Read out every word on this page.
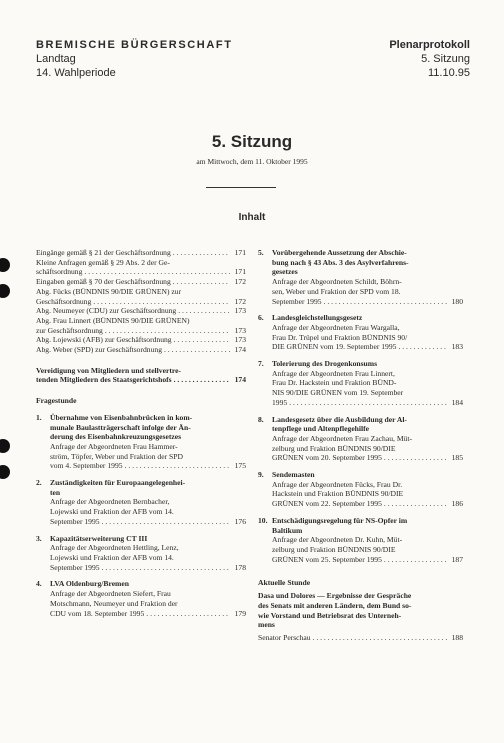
BREMISCHE BÜRGERSCHAFT
Landtag
14. Wahlperiode
Plenarprotokoll
5. Sitzung
11.10.95
5. Sitzung
am Mittwoch, dem 11. Oktober 1995
Inhalt
Eingänge gemäß § 21 der Geschäftsordnung . . .	171
Kleine Anfragen gemäß § 29 Abs. 2 der Ge-
schäftsordnung . . .	171
Eingaben gemäß § 70 der Geschäftsordnung . . .	172
Abg. Fücks (BÜNDNIS 90/DIE GRÜNEN) zur
Geschäftsordnung . . .	172
Abg. Neumeyer (CDU) zur Geschäftsordnung . . .	173
Abg. Frau Linnert (BÜNDNIS 90/DIE GRÜNEN)
zur Geschäftsordnung . . .	173
Abg. Lojewski (AFB) zur Geschäftsordnung . . .	173
Abg. Weber (SPD) zur Geschäftsordnung . . .	174
Vereidigung von Mitgliedern und stellvertre-
tenden Mitgliedern des Staatsgerichtshofs . . .	174
Fragestunde
1.	Übernahme von Eisenbahnbrücken in kom-
munale Baulastträgerschaft infolge der Än-
derung des Eisenbahnkreuzungsgesetzes
Anfrage der Abgeordneten Frau Hammer-
ström, Töpfer, Weber und Fraktion der SPD
vom 4. September 1995 . . .	175
2.	Zuständigkeiten für Europaangelegenhei-
ten
Anfrage der Abgeordneten Bernbacher,
Lojewski und Fraktion der AFB vom 14.
September 1995 . . .	176
3.	Kapazitätserweiterung CT III
Anfrage der Abgeordneten Hettling, Lenz,
Lojewski und Fraktion der AFB vom 14.
September 1995 . . .	178
4.	LVA Oldenburg/Bremen
Anfrage der Abgeordneten Siefert, Frau
Motschmann, Neumeyer und Fraktion der
CDU vom 18. September 1995 . . .	179
5.	Vorübergehende Aussetzung der Abschie-
bung nach § 43 Abs. 3 des Asylverfahrens-
gesetzes
Anfrage der Abgeordneten Schildt, Böhrn-
sen, Weber und Fraktion der SPD vom 18.
September 1995 . . .	180
6.	Landesgleichstellungsgesetz
Anfrage der Abgeordneten Frau Wargalla,
Frau Dr. Trüpel und Fraktion BÜNDNIS 90/
DIE GRÜNEN vom 19. September 1995 . . .	183
7.	Tolerierung des Drogenkonsums
Anfrage der Abgeordneten Frau Linnert,
Frau Dr. Hackstein und Fraktion BÜND-
NIS 90/DIE GRÜNEN vom 19. September
1995 . . .	184
8.	Landesgesetz über die Ausbildung der Al-
tenpflege und Altenpflegehilfe
Anfrage der Abgeordneten Frau Zachau, Müt-
zelburg und Fraktion BÜNDNIS 90/DIE
GRÜNEN vom 20. September 1995 . . .	185
9.	Sendemasten
Anfrage der Abgeordneten Fücks, Frau Dr.
Hackstein und Fraktion BÜNDNIS 90/DIE
GRÜNEN vom 22. September 1995 . . .	186
10. Entschädigungsregelung für NS-Opfer im
Baltikum
Anfrage der Abgeordneten Dr. Kuhn, Müt-
zelburg und Fraktion BÜNDNIS 90/DIE
GRÜNEN vom 25. September 1995 . . .	187
Aktuelle Stunde
Dasa und Dolores — Ergebnisse der Gespräche
des Senats mit anderen Ländern, dem Bund so-
wie Vorstand und Betriebsrat des Unterneh-
mens
Senator Perschau . . .	188
